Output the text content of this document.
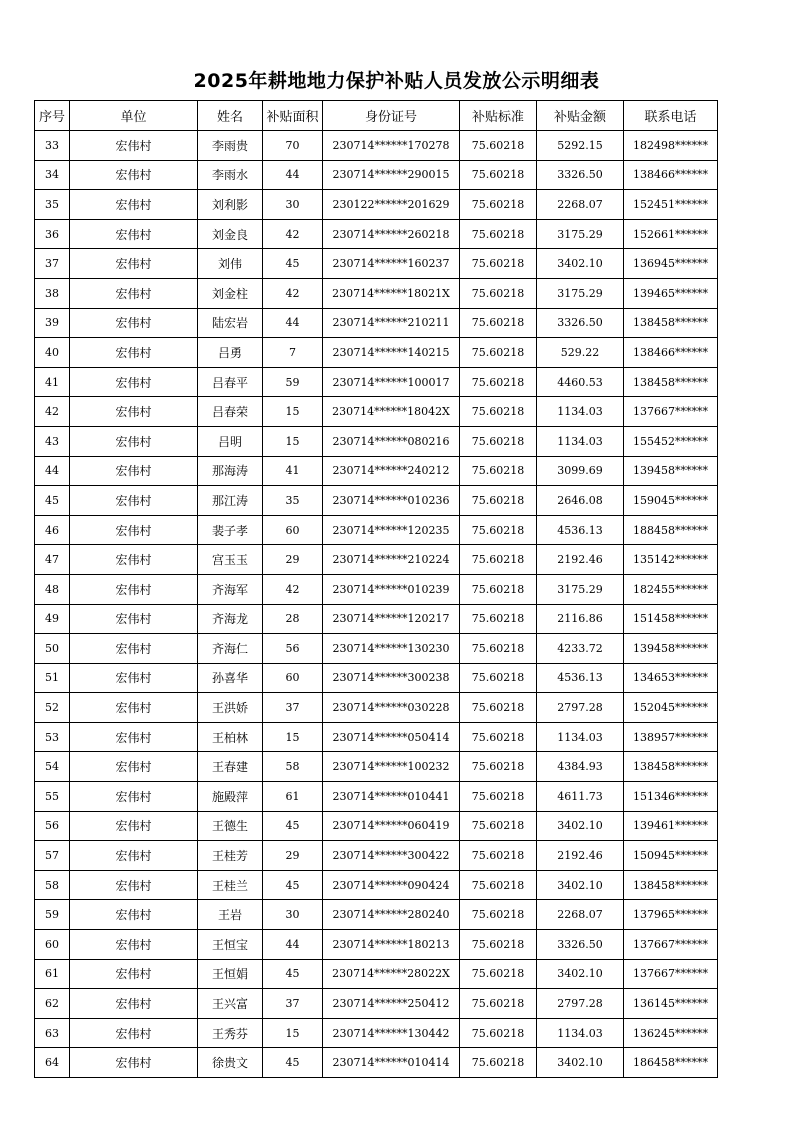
2025年耕地地力保护补贴人员发放公示明细表
序号	单位	姓名	补贴面积	身份证号	补贴标准	补贴金额	联系电话
33	宏伟村	李雨贵	70	230714******170278	75.60218	5292.15	182498******
34	宏伟村	李雨水	44	230714******290015	75.60218	3326.50	138466******
35	宏伟村	刘利影	30	230122******201629	75.60218	2268.07	152451******
36	宏伟村	刘金良	42	230714******260218	75.60218	3175.29	152661******
37	宏伟村	刘伟	45	230714******160237	75.60218	3402.10	136945******
38	宏伟村	刘金柱	42	230714******18021X	75.60218	3175.29	139465******
39	宏伟村	陆宏岩	44	230714******210211	75.60218	3326.50	138458******
40	宏伟村	吕勇	7	230714******140215	75.60218	529.22	138466******
41	宏伟村	吕春平	59	230714******100017	75.60218	4460.53	138458******
42	宏伟村	吕春荣	15	230714******18042X	75.60218	1134.03	137667******
43	宏伟村	吕明	15	230714******080216	75.60218	1134.03	155452******
44	宏伟村	那海涛	41	230714******240212	75.60218	3099.69	139458******
45	宏伟村	那江涛	35	230714******010236	75.60218	2646.08	159045******
46	宏伟村	裴子孝	60	230714******120235	75.60218	4536.13	188458******
47	宏伟村	宫玉玉	29	230714******210224	75.60218	2192.46	135142******
48	宏伟村	齐海军	42	230714******010239	75.60218	3175.29	182455******
49	宏伟村	齐海龙	28	230714******120217	75.60218	2116.86	151458******
50	宏伟村	齐海仁	56	230714******130230	75.60218	4233.72	139458******
51	宏伟村	孙喜华	60	230714******300238	75.60218	4536.13	134653******
52	宏伟村	王洪娇	37	230714******030228	75.60218	2797.28	152045******
53	宏伟村	王柏林	15	230714******050414	75.60218	1134.03	138957******
54	宏伟村	王春建	58	230714******100232	75.60218	4384.93	138458******
55	宏伟村	施殿萍	61	230714******010441	75.60218	4611.73	151346******
56	宏伟村	王德生	45	230714******060419	75.60218	3402.10	139461******
57	宏伟村	王桂芳	29	230714******300422	75.60218	2192.46	150945******
58	宏伟村	王桂兰	45	230714******090424	75.60218	3402.10	138458******
59	宏伟村	王岩	30	230714******280240	75.60218	2268.07	137965******
60	宏伟村	王恒宝	44	230714******180213	75.60218	3326.50	137667******
61	宏伟村	王恒娟	45	230714******28022X	75.60218	3402.10	137667******
62	宏伟村	王兴富	37	230714******250412	75.60218	2797.28	136145******
63	宏伟村	王秀芬	15	230714******130442	75.60218	1134.03	136245******
64	宏伟村	徐贵文	45	230714******010414	75.60218	3402.10	186458******
